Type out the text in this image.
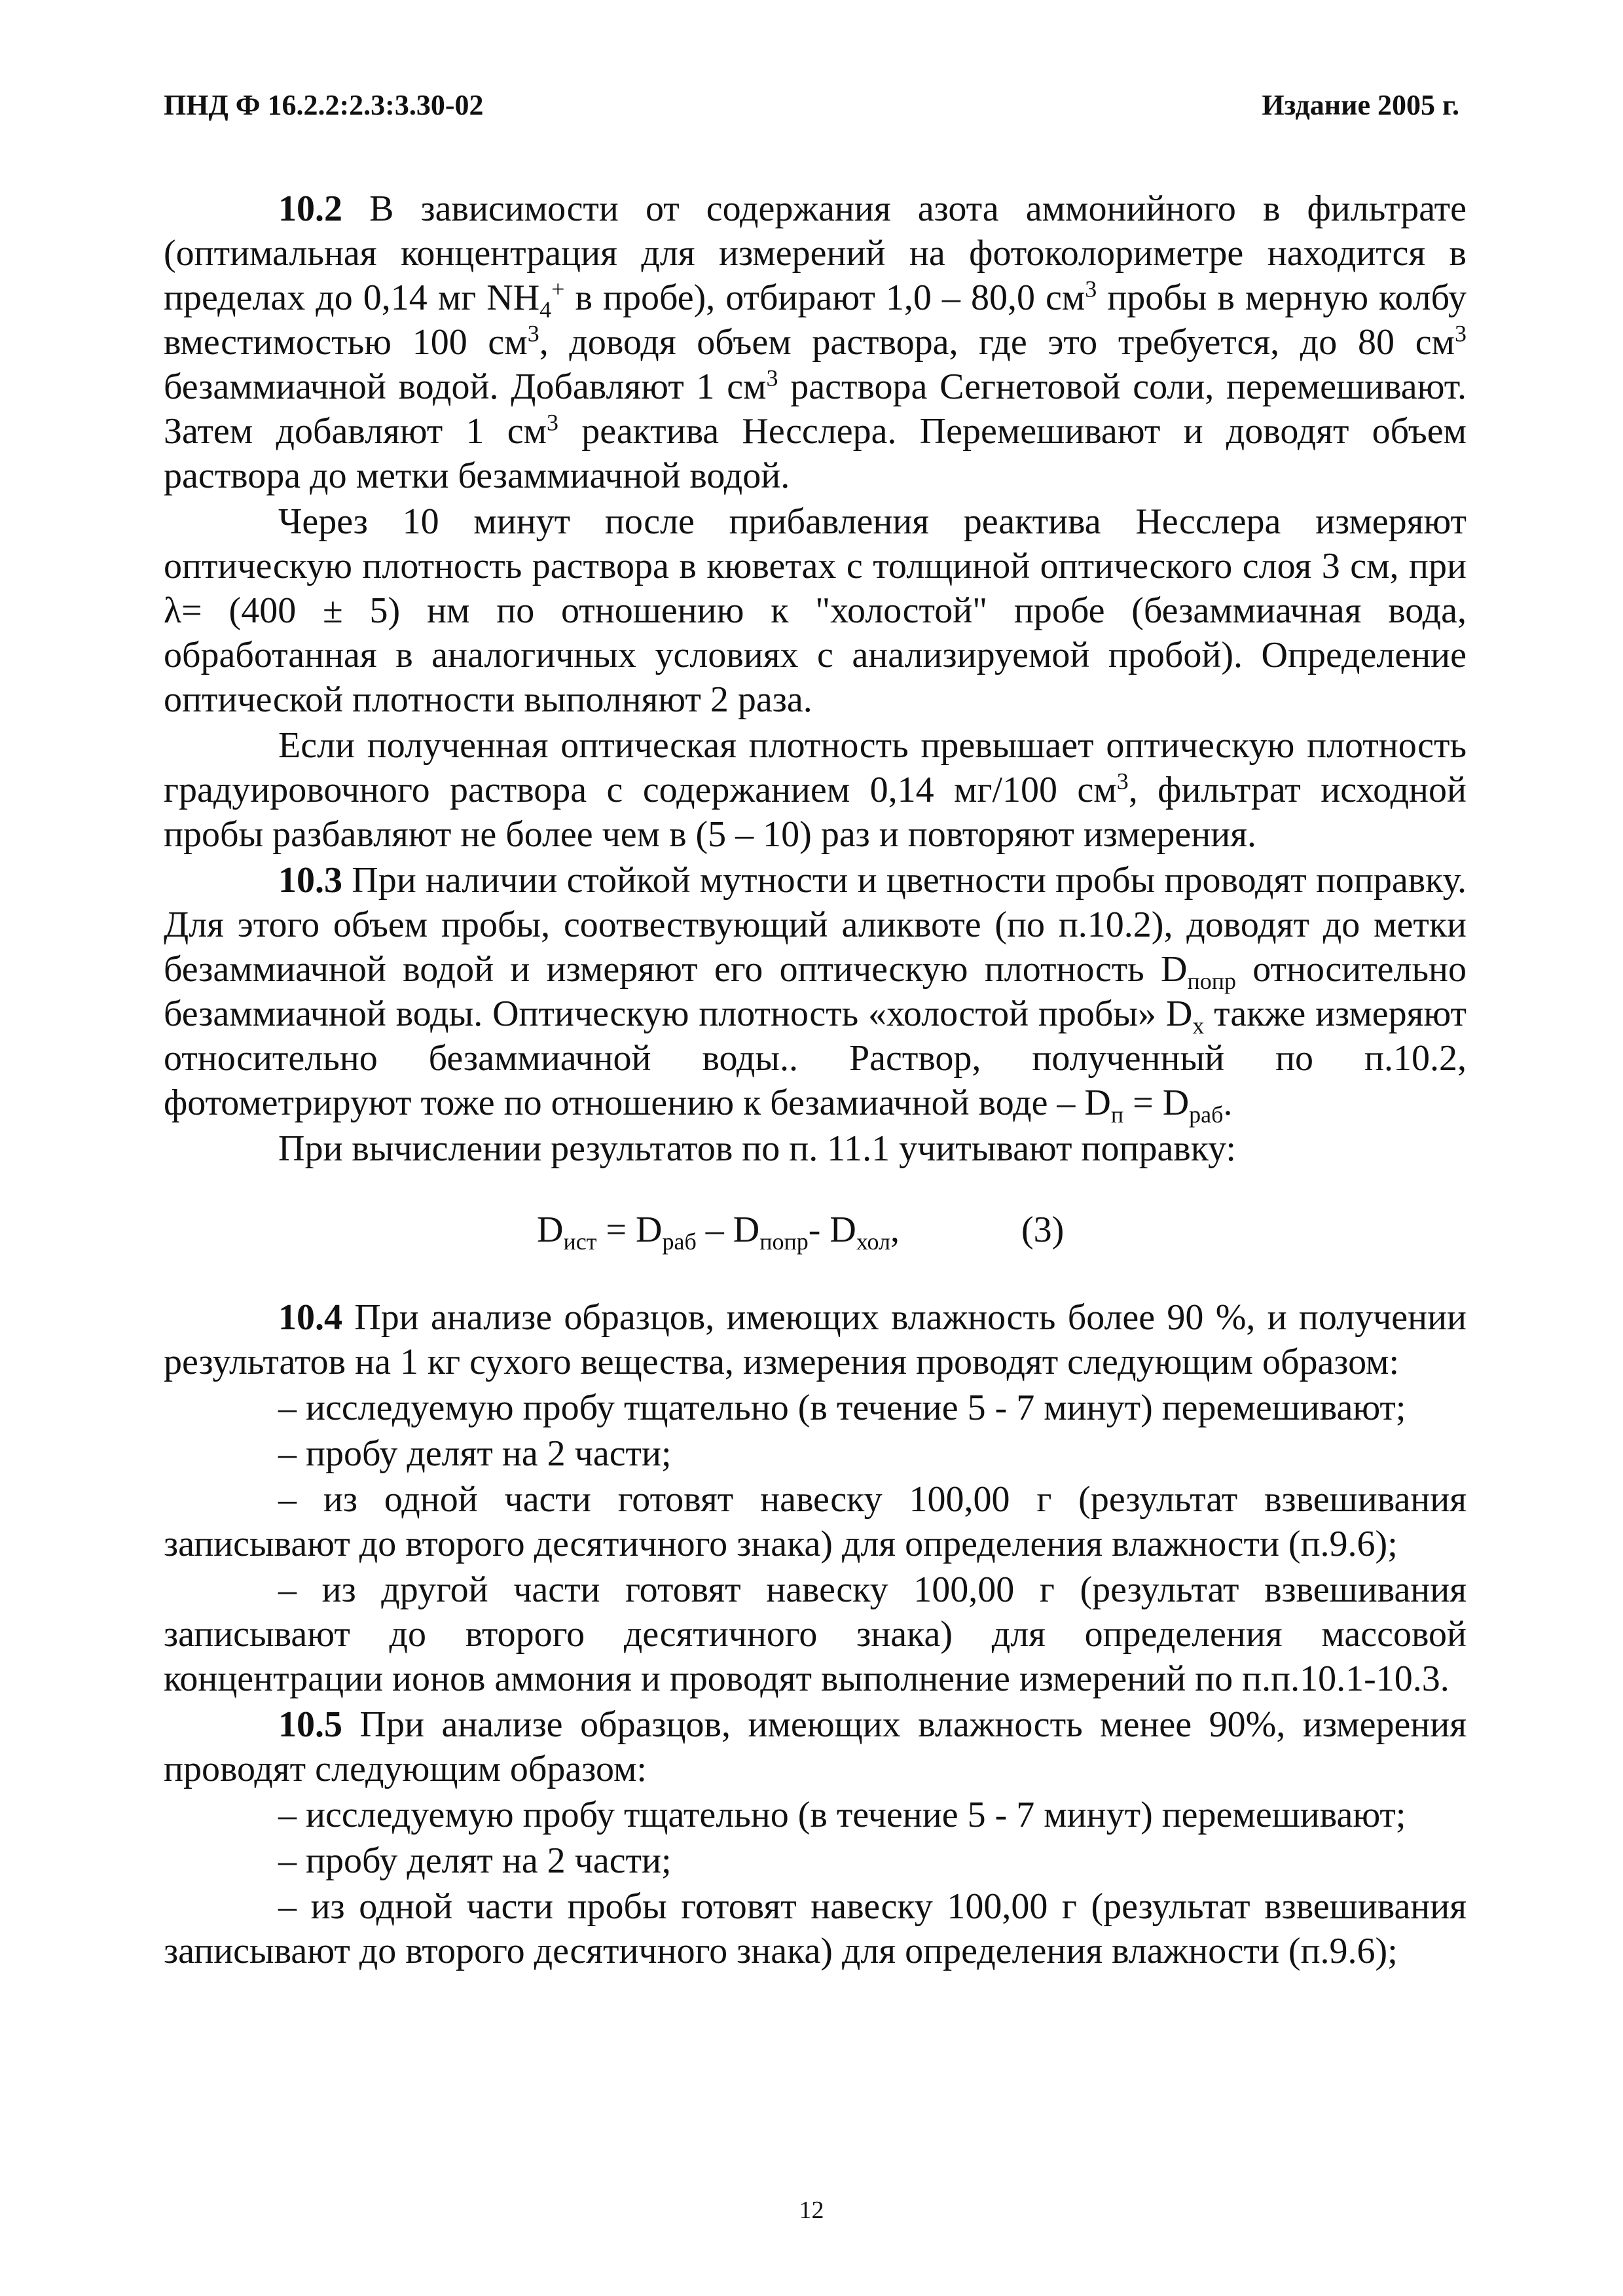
ПНД Ф 16.2.2:2.3:3.30-02	Издание 2005 г.

10.2 В зависимости от содержания азота аммонийного в фильтрате (оптимальная концентрация для измерений на фотоколориметре находится в пределах до 0,14 мг $NH_4^+$ в пробе), отбирают 1,0 – 80,0 $см^3$ пробы в мерную колбу вместимостью 100 $см^3$, доводя объем раствора, где это требуется, до 80 $см^3$ безаммиачной водой. Добавляют 1 $см^3$ раствора Сегнетовой соли, перемешивают. Затем добавляют 1 $см^3$ реактива Несслера. Перемешивают и доводят объем раствора до метки безаммиачной водой.

Через 10 минут после прибавления реактива Несслера измеряют оптическую плотность раствора в кюветах с толщиной оптического слоя 3 см, при λ= (400 ± 5) нм по отношению к "холостой" пробе (безаммиачная вода, обработанная в аналогичных условиях с анализируемой пробой). Определение оптической плотности выполняют 2 раза.

Если полученная оптическая плотность превышает оптическую плотность градуировочного раствора с содержанием 0,14 мг/100 $см^3$, фильтрат исходной пробы разбавляют не более чем в (5 – 10) раз и повторяют измерения.

10.3 При наличии стойкой мутности и цветности пробы проводят поправку. Для этого объем пробы, соотвествующий аликвоте (по п.10.2), доводят до метки безаммиачной водой и измеряют его оптическую плотность $D_{попр}$ относительно безаммиачной воды. Оптическую плотность «холостой пробы» $D_х$ также измеряют относительно безаммиачной воды.. Раствор, полученный по п.10.2, фотометрируют тоже по отношению к безамиачной воде – $D_п = D_{раб}$.

При вычислении результатов по п. 11.1 учитывают поправку:

$D_{ист} = D_{раб} - D_{попр}-$ $D_{хол}$,	(3)

10.4 При анализе образцов, имеющих влажность более 90 %, и получении результатов на 1 кг сухого вещества, измерения проводят следующим образом:

– исследуемую пробу тщательно (в течение 5 - 7 минут) перемешивают;

– пробу делят на 2 части;

– из одной части готовят навеску 100,00 г (результат взвешивания записывают до второго десятичного знака) для определения влажности (п.9.6);

– из другой части готовят навеску 100,00 г (результат взвешивания записывают до второго десятичного знака) для определения массовой концентрации ионов аммония и проводят выполнение измерений по п.п.10.1-10.3.

10.5 При анализе образцов, имеющих влажность менее 90%, измерения проводят следующим образом:

– исследуемую пробу тщательно (в течение 5 - 7 минут) перемешивают;

– пробу делят на 2 части;

– из одной части пробы готовят навеску 100,00 г (результат взвешивания записывают до второго десятичного знака) для определения влажности (п.9.6);

12
